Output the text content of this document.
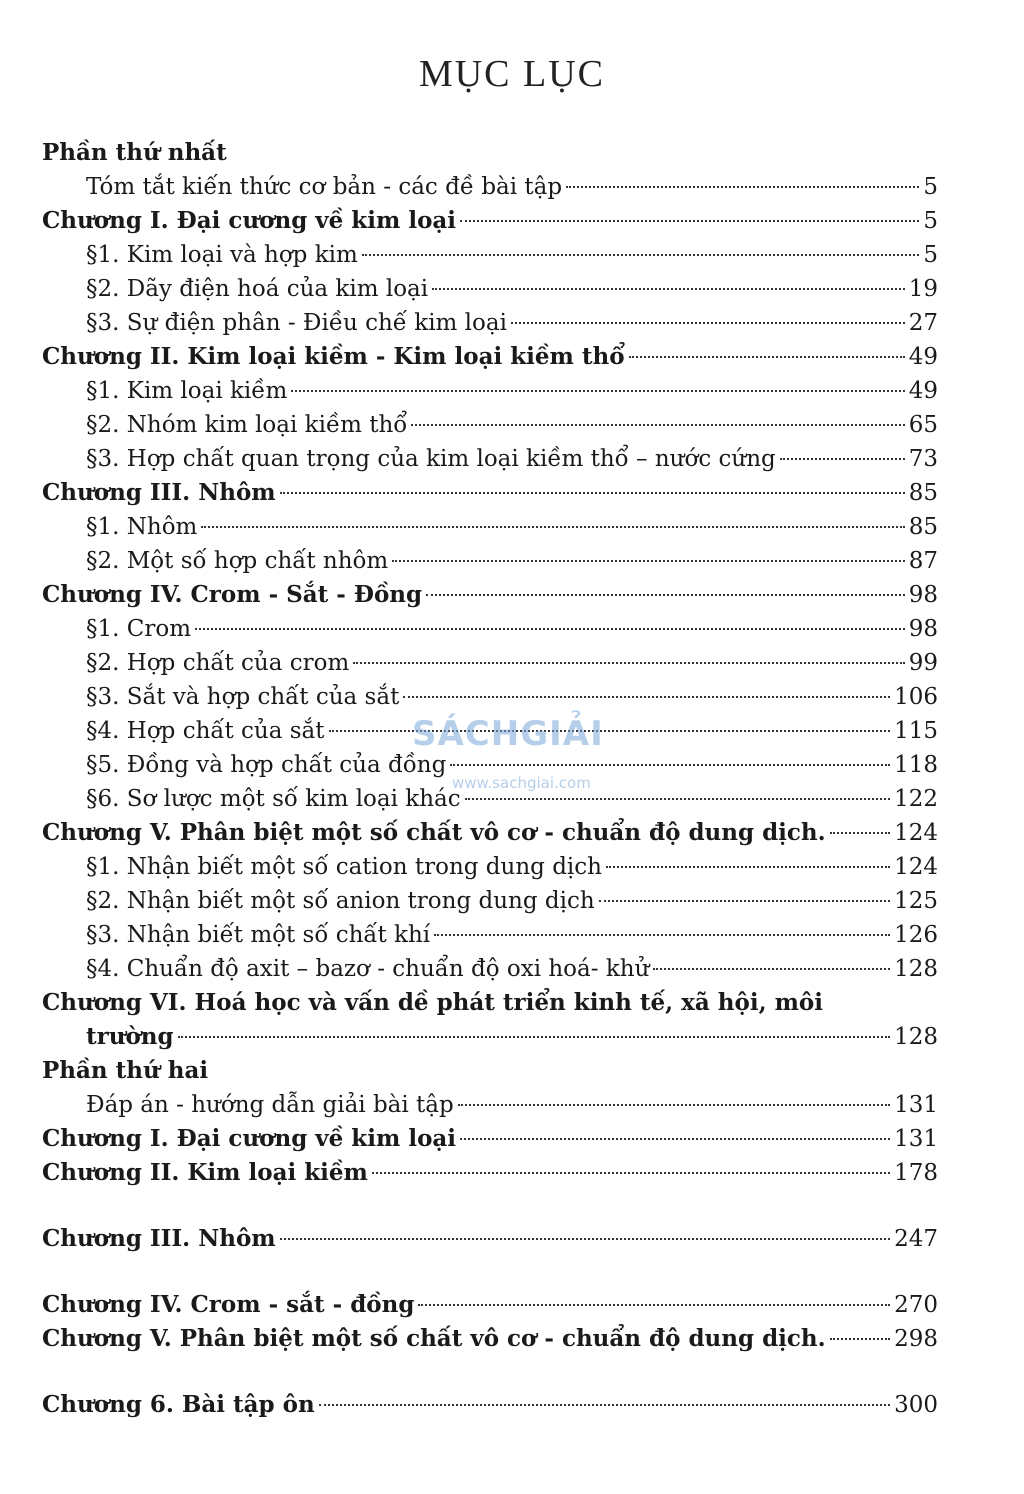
MỤC LỤC
Phần thứ nhất
Tóm tắt kiến thức cơ bản - các đề bài tập	5
Chương I. Đại cương về kim loại	5
§1. Kim loại và hợp kim	5
§2. Dãy điện hoá của kim loại	19
§3. Sự điện phân - Điều chế kim loại	27
Chương II. Kim loại kiềm - Kim loại kiềm thổ	49
§1. Kim loại kiềm	49
§2. Nhóm kim loại kiềm thổ	65
§3. Hợp chất quan trọng của kim loại kiềm thổ – nước cứng	73
Chương III. Nhôm	85
§1. Nhôm	85
§2. Một số hợp chất nhôm	87
Chương IV. Crom - Sắt - Đồng	98
§1. Crom	98
§2. Hợp chất của crom	99
§3. Sắt và hợp chất của sắt	106
§4. Hợp chất của sắt	115
§5. Đồng và hợp chất của đồng	118
§6. Sơ lược một số kim loại khác	122
Chương V. Phân biệt một số chất vô cơ - chuẩn độ dung dịch.	124
§1. Nhận biết một số cation trong dung dịch	124
§2. Nhận biết một số anion trong dung dịch	125
§3. Nhận biết một số chất khí	126
§4. Chuẩn độ axit – bazơ - chuẩn độ oxi hoá- khử	128
Chương VI. Hoá học và vấn dề phát triển kinh tế, xã hội, môi
trường	128
Phần thứ hai
Đáp án - hướng dẫn giải bài tập	131
Chương I. Đại cương về kim loại	131
Chương II. Kim loại kiềm	178
Chương III. Nhôm	247
Chương IV. Crom - sắt - đồng	270
Chương V. Phân biệt một số chất vô cơ - chuẩn độ dung dịch.	298
Chương 6. Bài tập ôn	300
SÁCHGIẢI
www.sachgiai.com
